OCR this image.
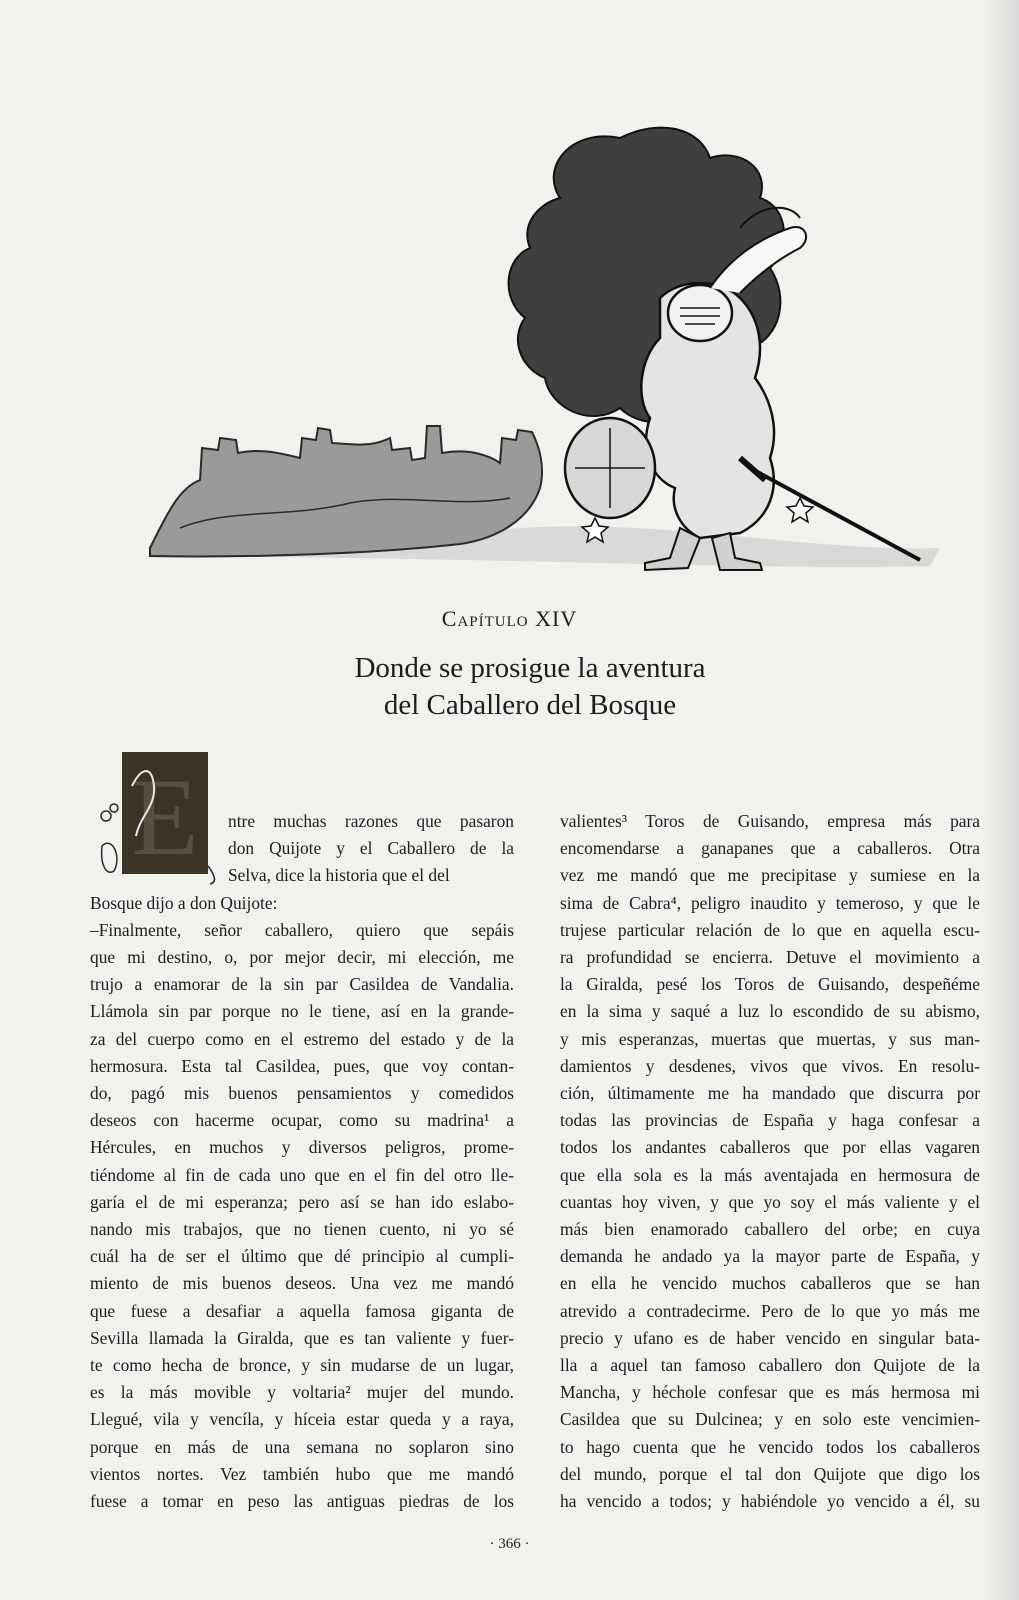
Capítulo XIV
Donde se prosigue la aventura
del Caballero del Bosque
E	ntre muchas razones que pasaron
don Quijote y el Caballero de la
Selva, dice la historia que el del
Bosque dijo a don Quijote:
–Finalmente, señor caballero, quiero que sepáis
que mi destino, o, por mejor decir, mi elección, me
trujo a enamorar de la sin par Casildea de Vandalia.
Llámola sin par porque no le tiene, así en la grande-
za del cuerpo como en el estremo del estado y de la
hermosura. Esta tal Casildea, pues, que voy contan-
do, pagó mis buenos pensamientos y comedidos
deseos con hacerme ocupar, como su madrina¹ a
Hércules, en muchos y diversos peligros, prome-
tiéndome al fin de cada uno que en el fin del otro lle-
garía el de mi esperanza; pero así se han ido eslabo-
nando mis trabajos, que no tienen cuento, ni yo sé
cuál ha de ser el último que dé principio al cumpli-
miento de mis buenos deseos. Una vez me mandó
que fuese a desafiar a aquella famosa giganta de
Sevilla llamada la Giralda, que es tan valiente y fuer-
te como hecha de bronce, y sin mudarse de un lugar,
es la más movible y voltaria² mujer del mundo.
Llegué, vila y vencíla, y híceia estar queda y a raya,
porque en más de una semana no soplaron sino
vientos nortes. Vez también hubo que me mandó
fuese a tomar en peso las antiguas piedras de los
valientes³ Toros de Guisando, empresa más para
encomendarse a ganapanes que a caballeros. Otra
vez me mandó que me precipitase y sumiese en la
sima de Cabra⁴, peligro inaudito y temeroso, y que le
trujese particular relación de lo que en aquella escu-
ra profundidad se encierra. Detuve el movimiento a
la Giralda, pesé los Toros de Guisando, despeñéme
en la sima y saqué a luz lo escondido de su abismo,
y mis esperanzas, muertas que muertas, y sus man-
damientos y desdenes, vivos que vivos. En resolu-
ción, últimamente me ha mandado que discurra por
todas las provincias de España y haga confesar a
todos los andantes caballeros que por ellas vagaren
que ella sola es la más aventajada en hermosura de
cuantas hoy viven, y que yo soy el más valiente y el
más bien enamorado caballero del orbe; en cuya
demanda he andado ya la mayor parte de España, y
en ella he vencido muchos caballeros que se han
atrevido a contradecirme. Pero de lo que yo más me
precio y ufano es de haber vencido en singular bata-
lla a aquel tan famoso caballero don Quijote de la
Mancha, y héchole confesar que es más hermosa mi
Casildea que su Dulcinea; y en solo este vencimien-
to hago cuenta que he vencido todos los caballeros
del mundo, porque el tal don Quijote que digo los
ha vencido a todos; y habiéndole yo vencido a él, su
· 366 ·
